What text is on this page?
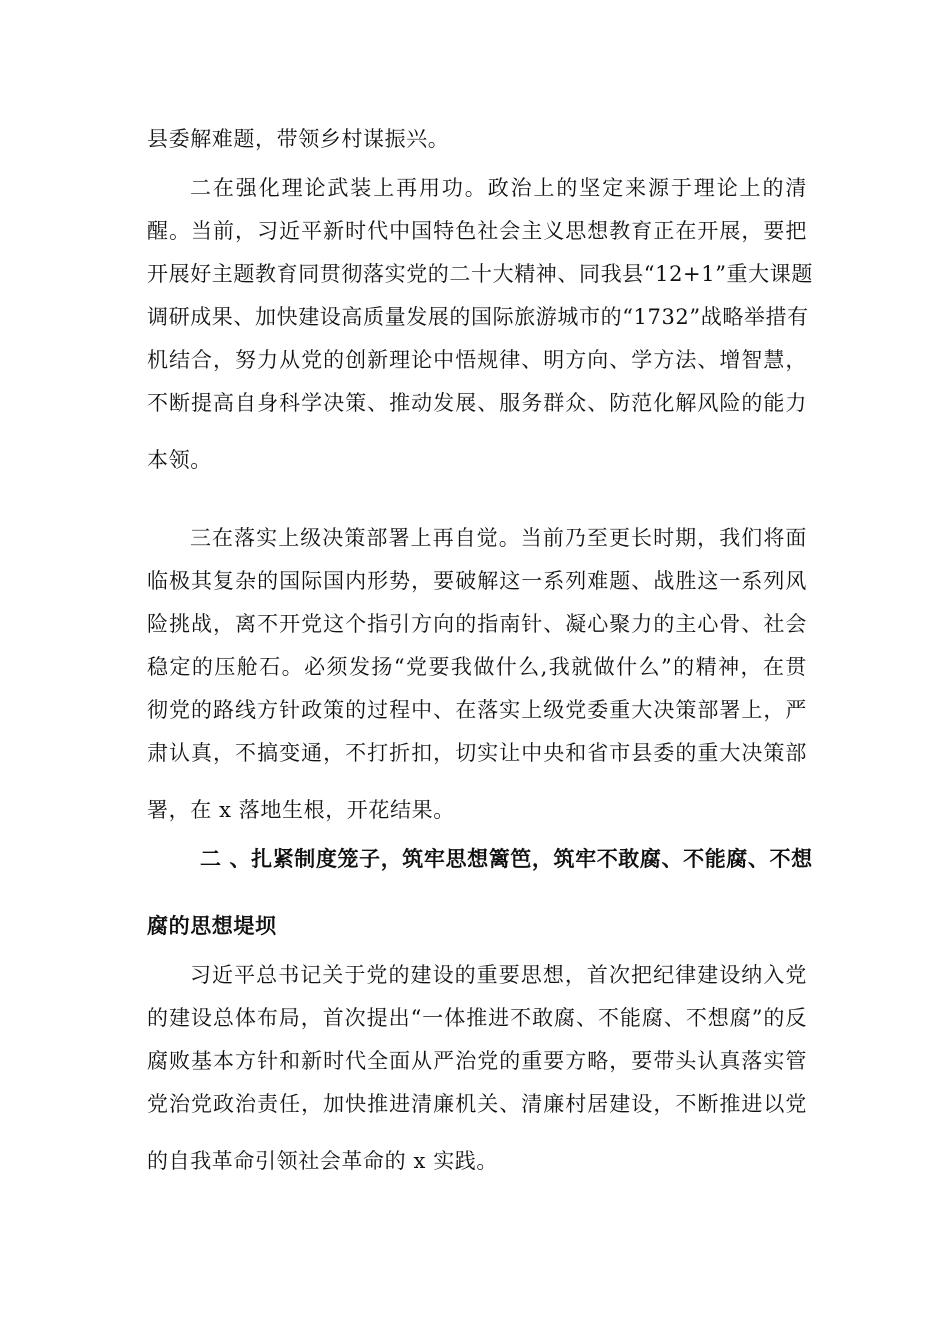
县委解难题，带领乡村谋振兴。
二在强化理论武装上再用功。政治上的坚定来源于理论上的清
醒。当前，习近平新时代中国特色社会主义思想教育正在开展，要把
开展好主题教育同贯彻落实党的二十大精神、同我县“12+1”重大课题
调研成果、加快建设高质量发展的国际旅游城市的“1732”战略举措有
机结合，努力从党的创新理论中悟规律、明方向、学方法、增智慧，
不断提高自身科学决策、推动发展、服务群众、防范化解风险的能力
本领。
三在落实上级决策部署上再自觉。当前乃至更长时期，我们将面
临极其复杂的国际国内形势，要破解这一系列难题、战胜这一系列风
险挑战，离不开党这个指引方向的指南针、凝心聚力的主心骨、社会
稳定的压舱石。必须发扬“党要我做什么,我就做什么”的精神，在贯
彻党的路线方针政策的过程中、在落实上级党委重大决策部署上，严
肃认真，不搞变通，不打折扣，切实让中央和省市县委的重大决策部
署，在 x 落地生根，开花结果。
二 、扎紧制度笼子，筑牢思想篱笆，筑牢不敢腐、不能腐、不想
腐的思想堤坝
习近平总书记关于党的建设的重要思想，首次把纪律建设纳入党
的建设总体布局，首次提出“一体推进不敢腐、不能腐、不想腐”的反
腐败基本方针和新时代全面从严治党的重要方略，要带头认真落实管
党治党政治责任，加快推进清廉机关、清廉村居建设，不断推进以党
的自我革命引领社会革命的 x 实践。
